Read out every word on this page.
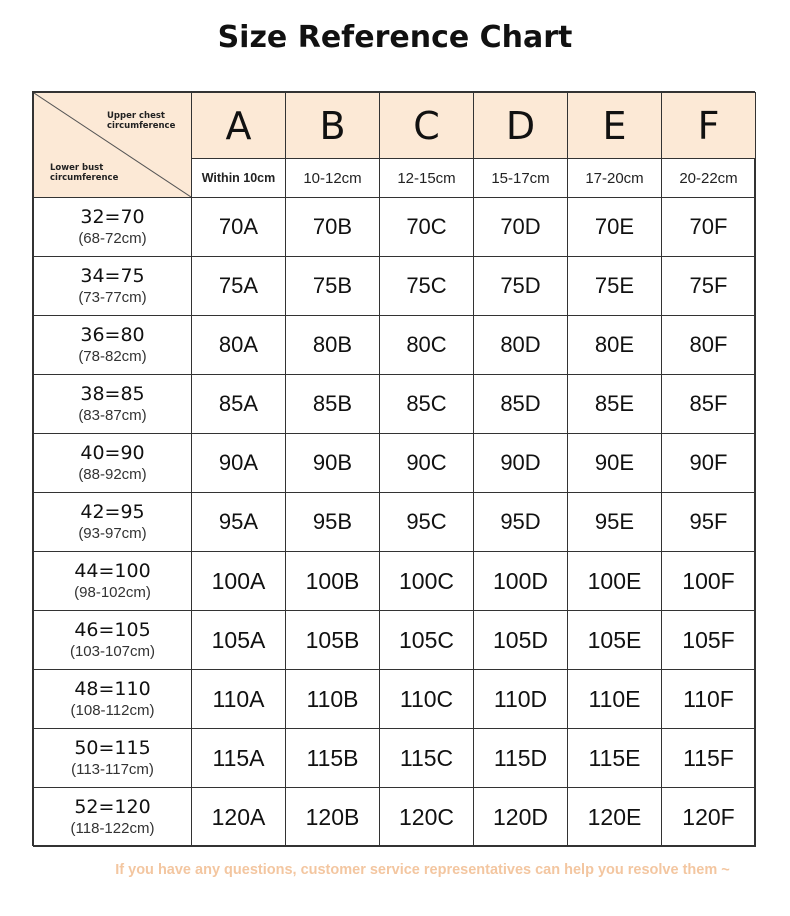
Size Reference Chart
Upper chest circumference
Lower bust circumference	A	B	C	D	E	F
	Within 10cm	10-12cm	12-15cm	15-17cm	17-20cm	20-22cm

32=70
(68-72cm)	70A	70B	70C	70D	70E	70F

34=75
(73-77cm)	75A	75B	75C	75D	75E	75F

36=80
(78-82cm)	80A	80B	80C	80D	80E	80F

38=85
(83-87cm)	85A	85B	85C	85D	85E	85F

40=90
(88-92cm)	90A	90B	90C	90D	90E	90F

42=95
(93-97cm)	95A	95B	95C	95D	95E	95F

44=100
(98-102cm)	100A	100B	100C	100D	100E	100F

46=105
(103-107cm)	105A	105B	105C	105D	105E	105F

48=110
(108-112cm)	110A	110B	110C	110D	110E	110F

50=115
(113-117cm)	115A	115B	115C	115D	115E	115F

52=120
(118-122cm)	120A	120B	120C	120D	120E	120F
If you have any questions, customer service representatives can help you resolve them ~
